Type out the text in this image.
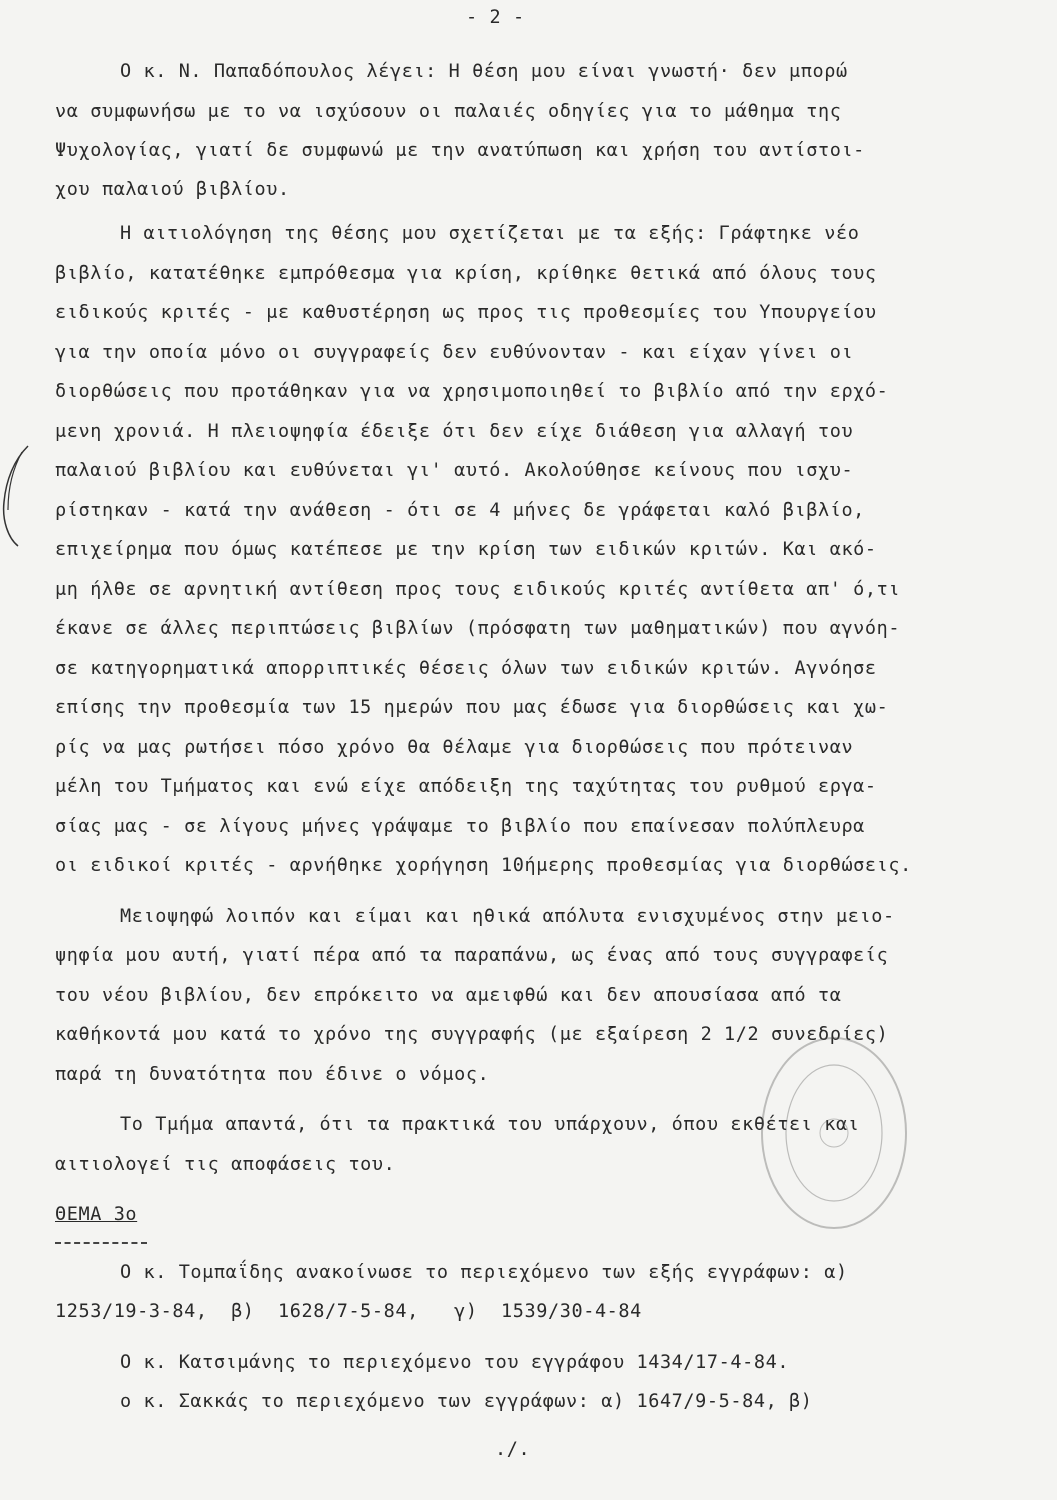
- 2 -
Ο κ. Ν. Παπαδόπουλος λέγει: Η θέση μου είναι γνωστή· δεν μπορώ
να συμφωνήσω με το να ισχύσουν οι παλαιές οδηγίες για το μάθημα της
Ψυχολογίας, γιατί δε συμφωνώ με την ανατύπωση και χρήση του αντίστοι-
χου παλαιού βιβλίου.
Η αιτιολόγηση της θέσης μου σχετίζεται με τα εξής: Γράφτηκε νέο
βιβλίο, κατατέθηκε εμπρόθεσμα για κρίση, κρίθηκε θετικά από όλους τους
ειδικούς κριτές - με καθυστέρηση ως προς τις προθεσμίες του Υπουργείου
για την οποία μόνο οι συγγραφείς δεν ευθύνονταν - και είχαν γίνει οι
διορθώσεις που προτάθηκαν για να χρησιμοποιηθεί το βιβλίο από την ερχό-
μενη χρονιά. Η πλειοψηφία έδειξε ότι δεν είχε διάθεση για αλλαγή του
παλαιού βιβλίου και ευθύνεται γι' αυτό. Ακολούθησε κείνους που ισχυ-
ρίστηκαν - κατά την ανάθεση - ότι σε 4 μήνες δε γράφεται καλό βιβλίο,
επιχείρημα που όμως κατέπεσε με την κρίση των ειδικών κριτών. Και ακό-
μη ήλθε σε αρνητική αντίθεση προς τους ειδικούς κριτές αντίθετα απ' ό,τι
έκανε σε άλλες περιπτώσεις βιβλίων (πρόσφατη των μαθηματικών) που αγνόη-
σε κατηγορηματικά απορριπτικές θέσεις όλων των ειδικών κριτών. Αγνόησε
επίσης την προθεσμία των 15 ημερών που μας έδωσε για διορθώσεις και χω-
ρίς να μας ρωτήσει πόσο χρόνο θα θέλαμε για διορθώσεις που πρότειναν
μέλη του Τμήματος και ενώ είχε απόδειξη της ταχύτητας του ρυθμού εργα-
σίας μας - σε λίγους μήνες γράψαμε το βιβλίο που επαίνεσαν πολύπλευρα
οι ειδικοί κριτές - αρνήθηκε χορήγηση 10ήμερης προθεσμίας για διορθώσεις.
Μειοψηφώ λοιπόν και είμαι και ηθικά απόλυτα ενισχυμένος στην μειο-
ψηφία μου αυτή, γιατί πέρα από τα παραπάνω, ως ένας από τους συγγραφείς
του νέου βιβλίου, δεν επρόκειτο να αμειφθώ και δεν απουσίασα από τα
καθήκοντά μου κατά το χρόνο της συγγραφής (με εξαίρεση 2 1/2 συνεδρίες)
παρά τη δυνατότητα που έδινε ο νόμος.
Το Τμήμα απαντά, ότι τα πρακτικά του υπάρχουν, όπου εκθέτει και
αιτιολογεί τις αποφάσεις του.
ΘΕΜΑ 3ο
Ο κ. Τομπαΐδης ανακοίνωσε το περιεχόμενο των εξής εγγράφων: α)
1253/19-3-84,  β)  1628/7-5-84,   γ)  1539/30-4-84
Ο κ. Κατσιμάνης το περιεχόμενο του εγγράφου 1434/17-4-84.
ο κ. Σακκάς το περιεχόμενο των εγγράφων: α) 1647/9-5-84, β)
./.
